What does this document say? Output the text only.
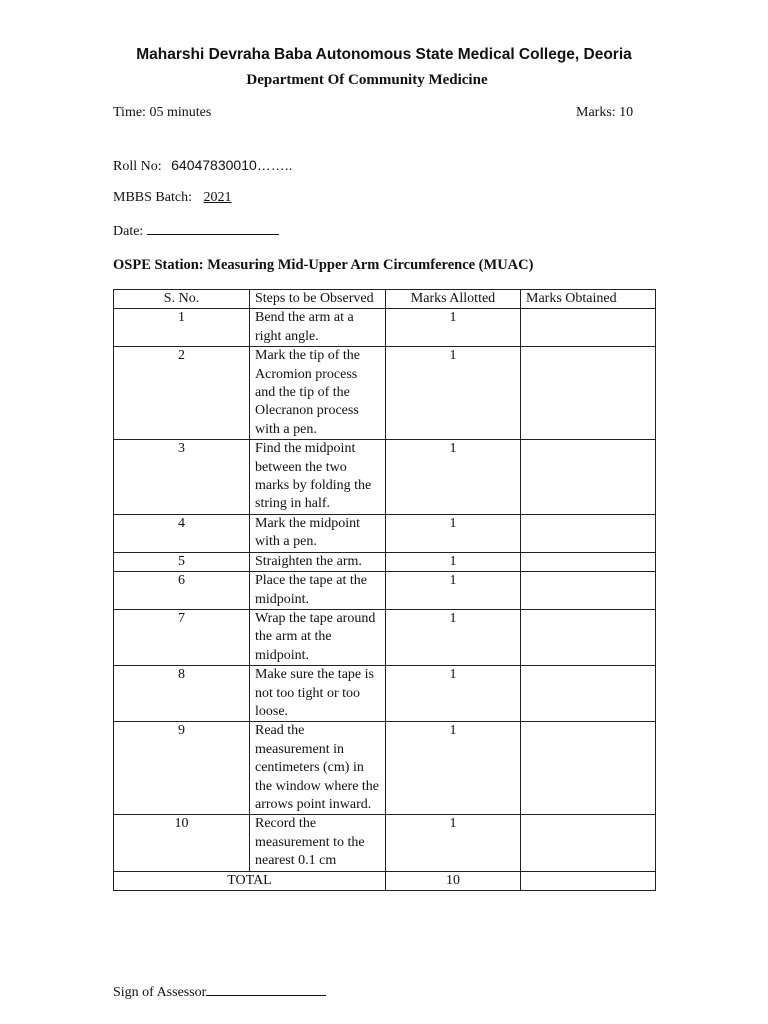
Maharshi Devraha Baba Autonomous State Medical College, Deoria
Department Of Community Medicine
Time: 05 minutes	Marks: 10
Roll No: 64047830010……..
MBBS Batch: 2021
Date:
OSPE Station: Measuring Mid-Upper Arm Circumference (MUAC)
S. No.	Steps to be Observed	Marks Allotted	Marks Obtained
1	Bend the arm at a right angle.	1	
2	Mark the tip of the Acromion process and the tip of the Olecranon process with a pen.	1	
3	Find the midpoint between the two marks by folding the string in half.	1	
4	Mark the midpoint with a pen.	1	
5	Straighten the arm.	1	
6	Place the tape at the midpoint.	1	
7	Wrap the tape around the arm at the midpoint.	1	
8	Make sure the tape is not too tight or too loose.	1	
9	Read the measurement in centimeters (cm) in the window where the arrows point inward.	1	
10	Record the measurement to the nearest 0.1 cm	1	
TOTAL		10	
Sign of Assessor
